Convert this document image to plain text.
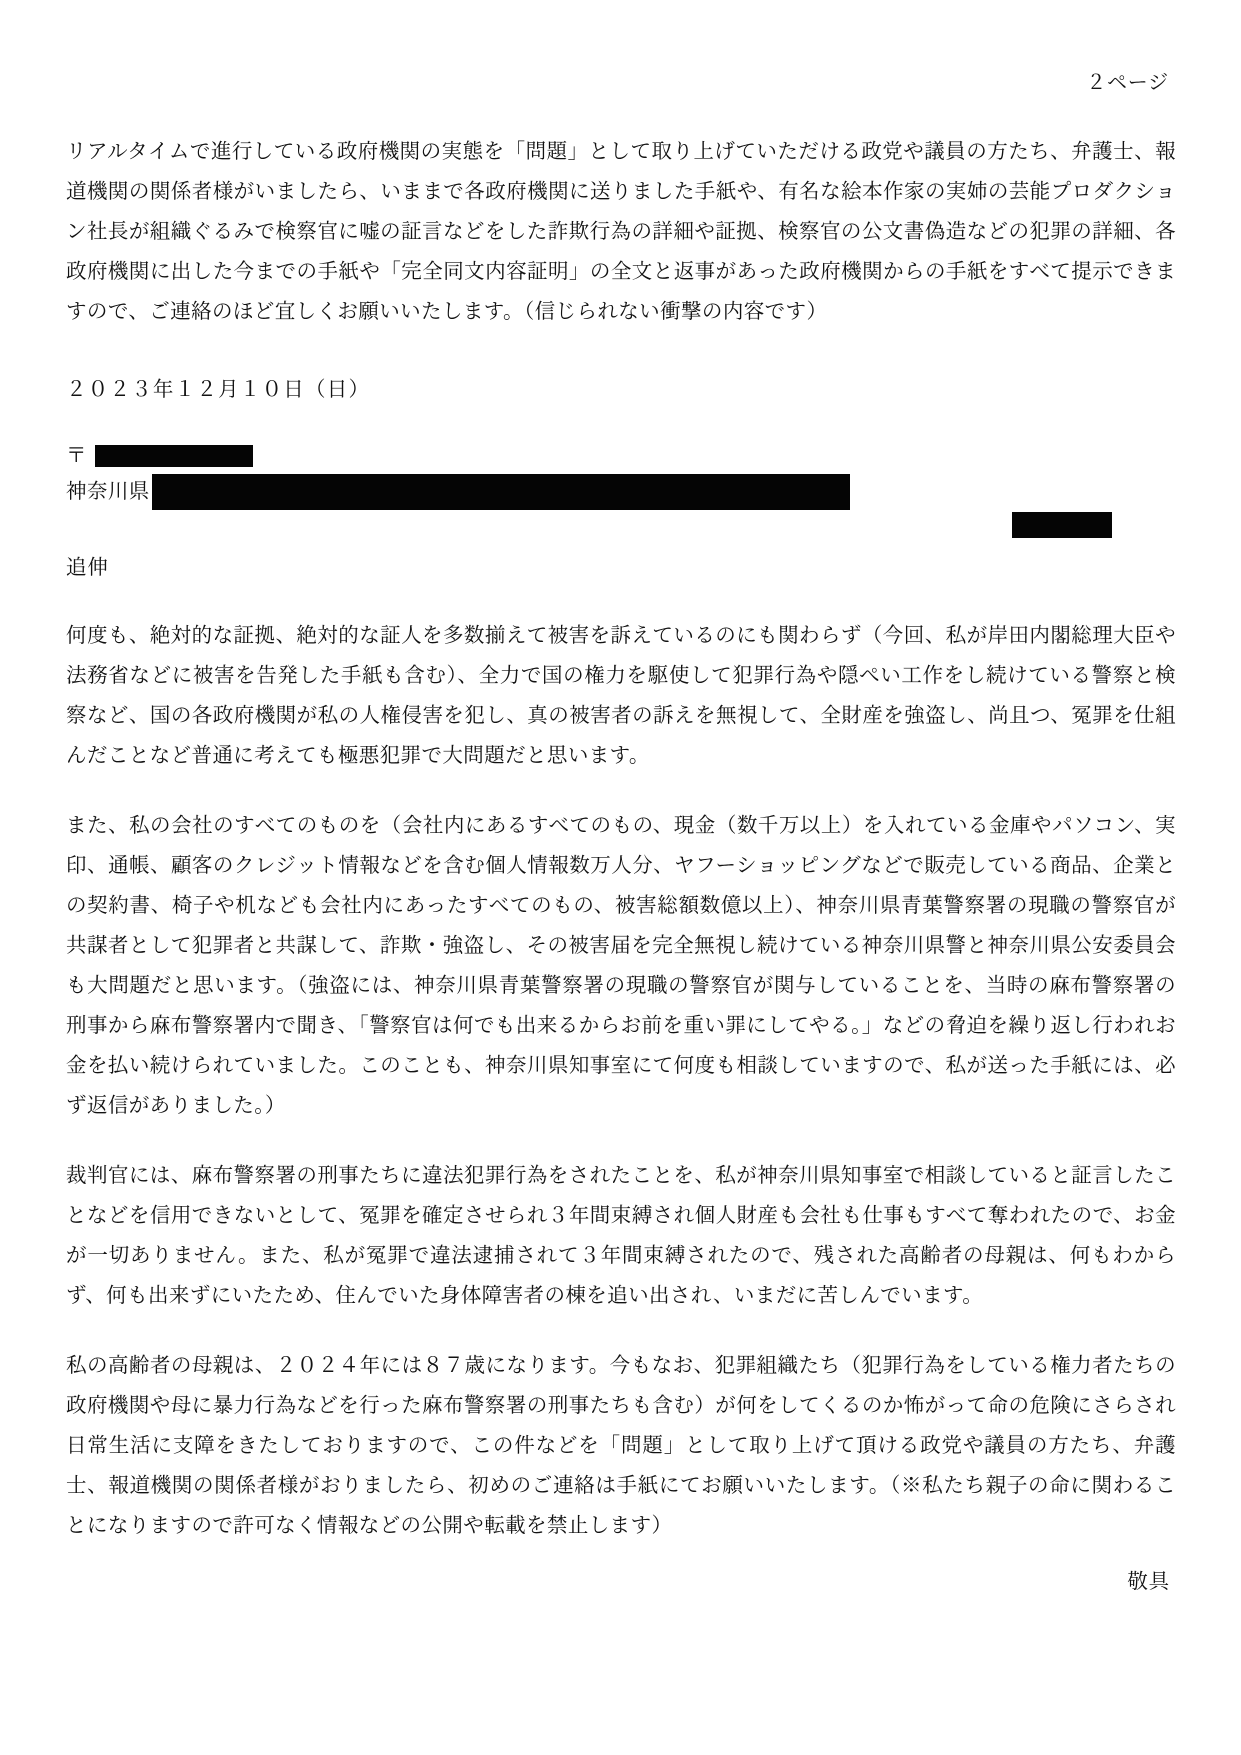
２ページ

リアルタイムで進行している政府機関の実態を「問題」として取り上げていただける政党や議員の方たち、弁護士、報道機関の関係者様がいましたら、いままで各政府機関に送りました手紙や、有名な絵本作家の実姉の芸能プロダクション社長が組織ぐるみで検察官に嘘の証言などをした詐欺行為の詳細や証拠、検察官の公文書偽造などの犯罪の詳細、各政府機関に出した今までの手紙や「完全同文内容証明」の全文と返事があった政府機関からの手紙をすべて提示できますので、ご連絡のほど宜しくお願いいたします。（信じられない衝撃の内容です）

２０２３年１２月１０日（日）

〒
神奈川県

追伸

何度も、絶対的な証拠、絶対的な証人を多数揃えて被害を訴えているのにも関わらず（今回、私が岸田内閣総理大臣や法務省などに被害を告発した手紙も含む）、全力で国の権力を駆使して犯罪行為や隠ぺい工作をし続けている警察と検察など、国の各政府機関が私の人権侵害を犯し、真の被害者の訴えを無視して、全財産を強盗し、尚且つ、冤罪を仕組んだことなど普通に考えても極悪犯罪で大問題だと思います。

また、私の会社のすべてのものを（会社内にあるすべてのもの、現金（数千万以上）を入れている金庫やパソコン、実印、通帳、顧客のクレジット情報などを含む個人情報数万人分、ヤフーショッピングなどで販売している商品、企業との契約書、椅子や机なども会社内にあったすべてのもの、被害総額数億以上）、神奈川県青葉警察署の現職の警察官が共謀者として犯罪者と共謀して、詐欺・強盗し、その被害届を完全無視し続けている神奈川県警と神奈川県公安委員会も大問題だと思います。（強盗には、神奈川県青葉警察署の現職の警察官が関与していることを、当時の麻布警察署の刑事から麻布警察署内で聞き、「警察官は何でも出来るからお前を重い罪にしてやる。」などの脅迫を繰り返し行われお金を払い続けられていました。このことも、神奈川県知事室にて何度も相談していますので、私が送った手紙には、必ず返信がありました。）

裁判官には、麻布警察署の刑事たちに違法犯罪行為をされたことを、私が神奈川県知事室で相談していると証言したことなどを信用できないとして、冤罪を確定させられ３年間束縛され個人財産も会社も仕事もすべて奪われたので、お金が一切ありません。また、私が冤罪で違法逮捕されて３年間束縛されたので、残された高齢者の母親は、何もわからず、何も出来ずにいたため、住んでいた身体障害者の棟を追い出され、いまだに苦しんでいます。

私の高齢者の母親は、２０２４年には８７歳になります。今もなお、犯罪組織たち（犯罪行為をしている権力者たちの政府機関や母に暴力行為などを行った麻布警察署の刑事たちも含む）が何をしてくるのか怖がって命の危険にさらされ日常生活に支障をきたしておりますので、この件などを「問題」として取り上げて頂ける政党や議員の方たち、弁護士、報道機関の関係者様がおりましたら、初めのご連絡は手紙にてお願いいたします。（※私たち親子の命に関わることになりますので許可なく情報などの公開や転載を禁止します）

敬具
